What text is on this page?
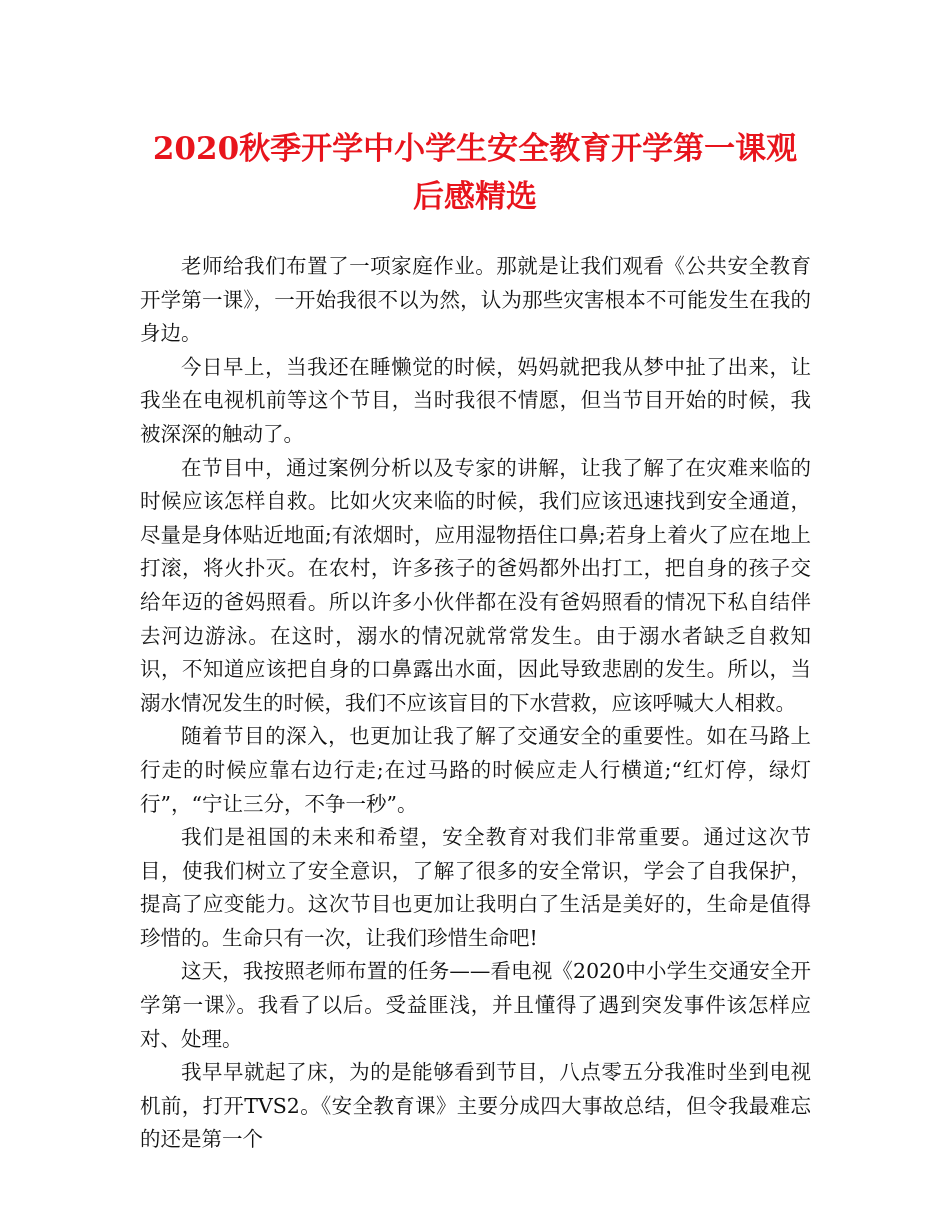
2020秋季开学中小学生安全教育开学第一课观后感精选

老师给我们布置了一项家庭作业。那就是让我们观看《公共安全教育开学第一课》，一开始我很不以为然，认为那些灾害根本不可能发生在我的身边。

今日早上，当我还在睡懒觉的时候，妈妈就把我从梦中扯了出来，让我坐在电视机前等这个节目，当时我很不情愿，但当节目开始的时候，我被深深的触动了。

在节目中，通过案例分析以及专家的讲解，让我了解了在灾难来临的时候应该怎样自救。比如火灾来临的时候，我们应该迅速找到安全通道，尽量是身体贴近地面;有浓烟时，应用湿物捂住口鼻;若身上着火了应在地上打滚，将火扑灭。在农村，许多孩子的爸妈都外出打工，把自身的孩子交给年迈的爸妈照看。所以许多小伙伴都在没有爸妈照看的情况下私自结伴去河边游泳。在这时，溺水的情况就常常发生。由于溺水者缺乏自救知识，不知道应该把自身的口鼻露出水面，因此导致悲剧的发生。所以，当溺水情况发生的时候，我们不应该盲目的下水营救，应该呼喊大人相救。

随着节目的深入，也更加让我了解了交通安全的重要性。如在马路上行走的时候应靠右边行走;在过马路的时候应走人行横道;“红灯停，绿灯行”，“宁让三分，不争一秒”。

我们是祖国的未来和希望，安全教育对我们非常重要。通过这次节目，使我们树立了安全意识，了解了很多的安全常识，学会了自我保护，提高了应变能力。这次节目也更加让我明白了生活是美好的，生命是值得珍惜的。生命只有一次，让我们珍惜生命吧!

这天，我按照老师布置的任务——看电视《2020中小学生交通安全开学第一课》。我看了以后。受益匪浅，并且懂得了遇到突发事件该怎样应对、处理。

我早早就起了床，为的是能够看到节目，八点零五分我准时坐到电视机前，打开TVS2。《安全教育课》主要分成四大事故总结，但令我最难忘的还是第一个
